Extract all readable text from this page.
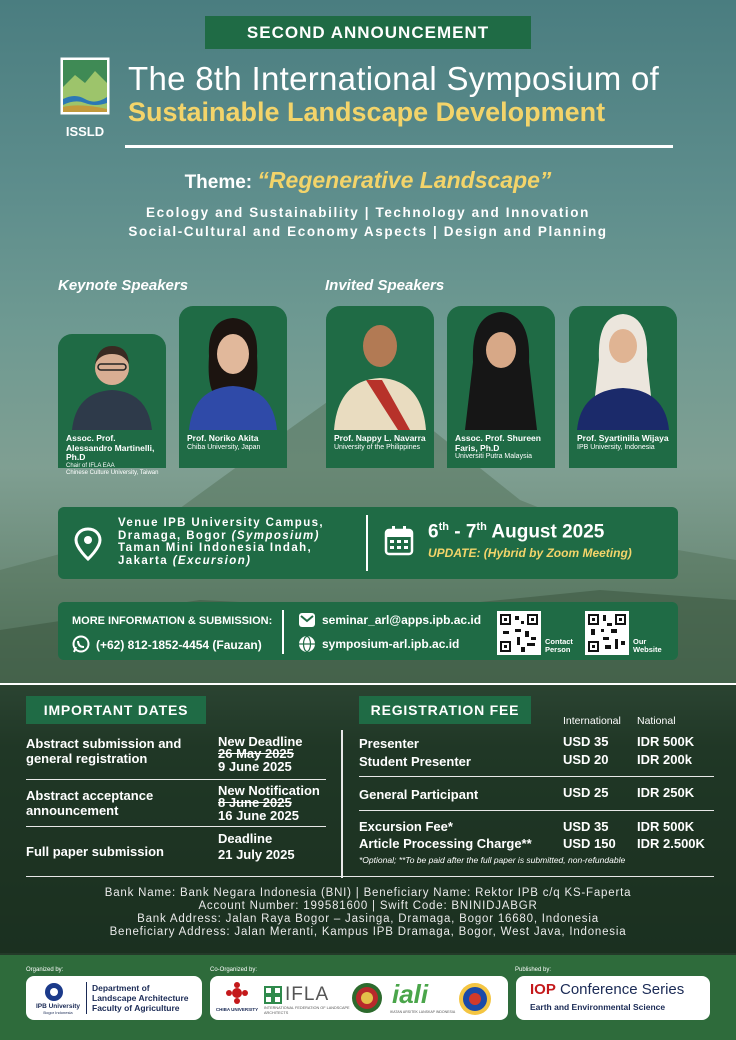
SECOND ANNOUNCEMENT
ISSLD
The 8th International Symposium of
Sustainable Landscape Development
Theme: “Regenerative Landscape”
Ecology and Sustainability | Technology and Innovation
Social-Cultural and Economy Aspects | Design and Planning
Keynote Speakers	Invited Speakers
Assoc. Prof. Alessandro Martinelli, Ph.D
Chair of IFLA EAA
Chinese Culture University, Taiwan
Prof. Noriko Akita
Chiba University, Japan
Prof. Nappy L. Navarra
University of the Philippines
Assoc. Prof. Shureen Faris, Ph.D
Universiti Putra Malaysia
Prof. Syartinilia Wijaya
IPB University, Indonesia
Venue IPB University Campus,
Dramaga, Bogor (Symposium)
Taman Mini Indonesia Indah,
Jakarta (Excursion)
6th - 7th August 2025
UPDATE: (Hybrid by Zoom Meeting)
MORE INFORMATION & SUBMISSION:
(+62) 812-1852-4454 (Fauzan)
seminar_arl@apps.ipb.ac.id
symposium-arl.ipb.ac.id	Contact Person
Our Website
IMPORTANT DATES
Abstract submission and general registration
New Deadline
26 May 2025
9 June 2025
Abstract acceptance announcement
New Notification
8 June 2025
16 June 2025
Full paper submission
Deadline
21 July 2025
REGISTRATION FEE
International National
Presenter	USD 35 IDR 500K
Student Presenter	USD 20 IDR 200k
General Participant	USD 25 IDR 250K
Excursion Fee*	USD 35 IDR 500K
Article Processing Charge** USD 150 IDR 2.500K
*Optional; **To be paid after the full paper is submitted, non-refundable
Bank Name: Bank Negara Indonesia (BNI) | Beneficiary Name: Rektor IPB c/q KS-Faperta
Account Number: 199581600 | Swift Code: BNINIDJABGR
Bank Address: Jalan Raya Bogor – Jasinga, Dramaga, Bogor 16680, Indonesia
Beneficiary Address: Jalan Meranti, Kampus IPB Dramaga, Bogor, West Java, Indonesia
Organized by:	Co-Organized by:	Published by:
IPB University
Bogor Indonesia
Department of
Landscape Architecture
Faculty of Agriculture	CHIBA UNIVERSITY
IFLA
INTERNATIONAL FEDERATION OF LANDSCAPE ARCHITECTS
iali
IKATAN ARSITEK LANSKAP INDONESIA
IOP Conference Series
Earth and Environmental Science
